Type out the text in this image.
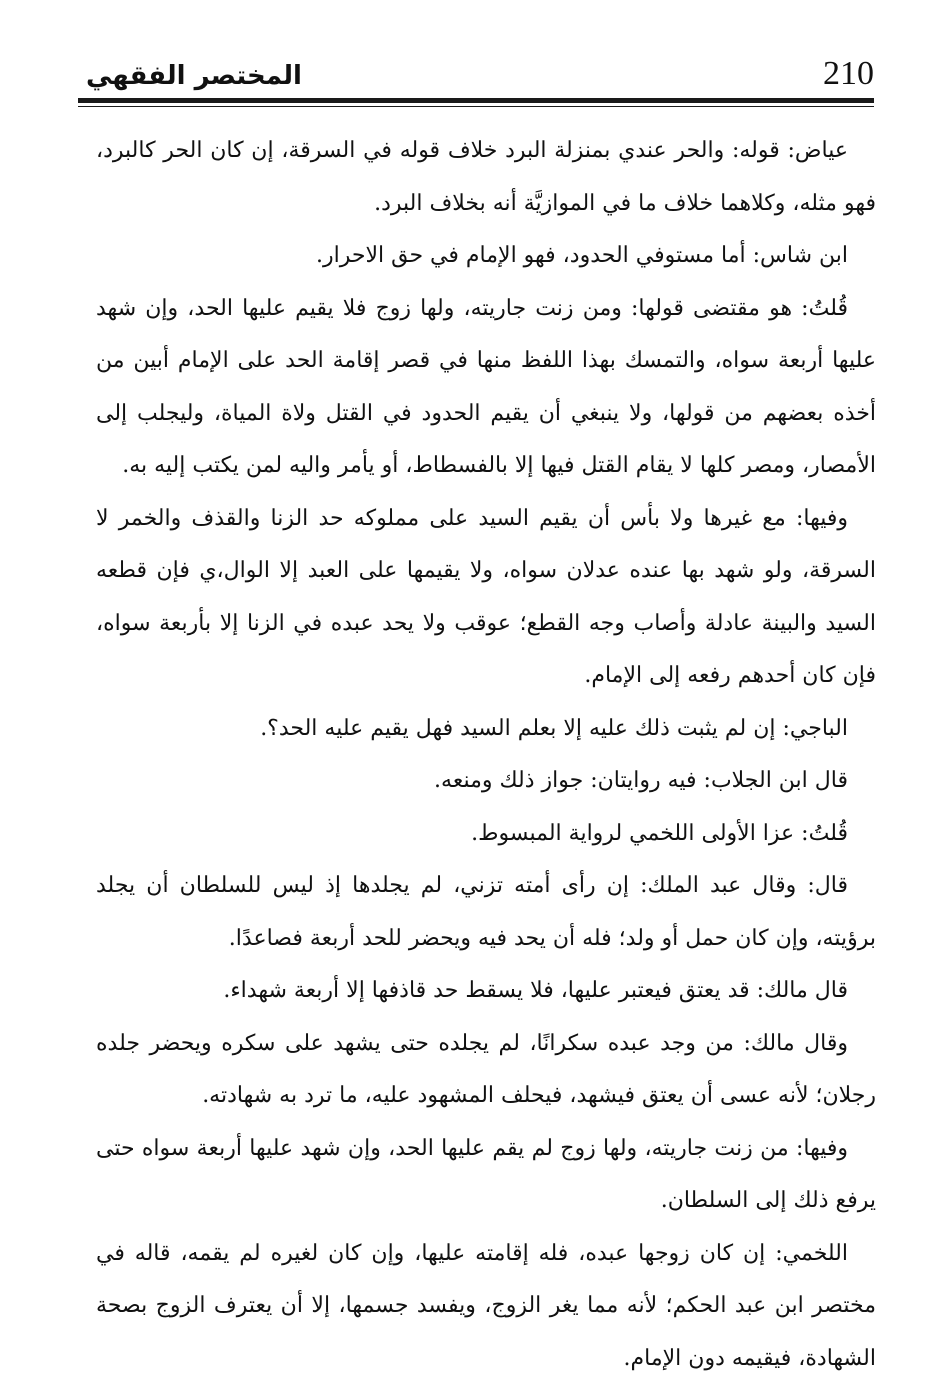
210
المختصر الفقهي

عياض: قوله: والحر عندي بمنزلة البرد خلاف قوله في السرقة، إن كان الحر كالبرد، فهو مثله، وكلاهما خلاف ما في الموازيَّة أنه بخلاف البرد.

ابن شاس: أما مستوفي الحدود، فهو الإمام في حق الاحرار.

قُلتُ: هو مقتضى قولها: ومن زنت جاريته، ولها زوج فلا يقيم عليها الحد، وإن شهد عليها أربعة سواه، والتمسك بهذا اللفظ منها في قصر إقامة الحد على الإمام أبين من أخذه بعضهم من قولها، ولا ينبغي أن يقيم الحدود في القتل ولاة المياة، وليجلب إلى الأمصار، ومصر كلها لا يقام القتل فيها إلا بالفسطاط، أو يأمر واليه لمن يكتب إليه به.

وفيها: مع غيرها ولا بأس أن يقيم السيد على مملوكه حد الزنا والقذف والخمر لا السرقة، ولو شهد بها عنده عدلان سواه، ولا يقيمها على العبد إلا الوال،ي فإن قطعه السيد والبينة عادلة وأصاب وجه القطع؛ عوقب ولا يحد عبده في الزنا إلا بأربعة سواه، فإن كان أحدهم رفعه إلى الإمام.

الباجي: إن لم يثبت ذلك عليه إلا بعلم السيد فهل يقيم عليه الحد؟.

قال ابن الجلاب: فيه روايتان: جواز ذلك ومنعه.

قُلتُ: عزا الأولى اللخمي لرواية المبسوط.

قال: وقال عبد الملك: إن رأى أمته تزني، لم يجلدها إذ ليس للسلطان أن يجلد برؤيته، وإن كان حمل أو ولد؛ فله أن يحد فيه ويحضر للحد أربعة فصاعدًا.

قال مالك: قد يعتق فيعتبر عليها، فلا يسقط حد قاذفها إلا أربعة شهداء.

وقال مالك: من وجد عبده سكرانًا، لم يجلده حتى يشهد على سكره ويحضر جلده رجلان؛ لأنه عسى أن يعتق فيشهد، فيحلف المشهود عليه، ما ترد به شهادته.

وفيها: من زنت جاريته، ولها زوج لم يقم عليها الحد، وإن شهد عليها أربعة سواه حتى يرفع ذلك إلى السلطان.

اللخمي: إن كان زوجها عبده، فله إقامته عليها، وإن كان لغيره لم يقمه، قاله في مختصر ابن عبد الحكم؛ لأنه مما يغر الزوج، ويفسد جسمها، إلا أن يعترف الزوج بصحة الشهادة، فيقيمه دون الإمام.
